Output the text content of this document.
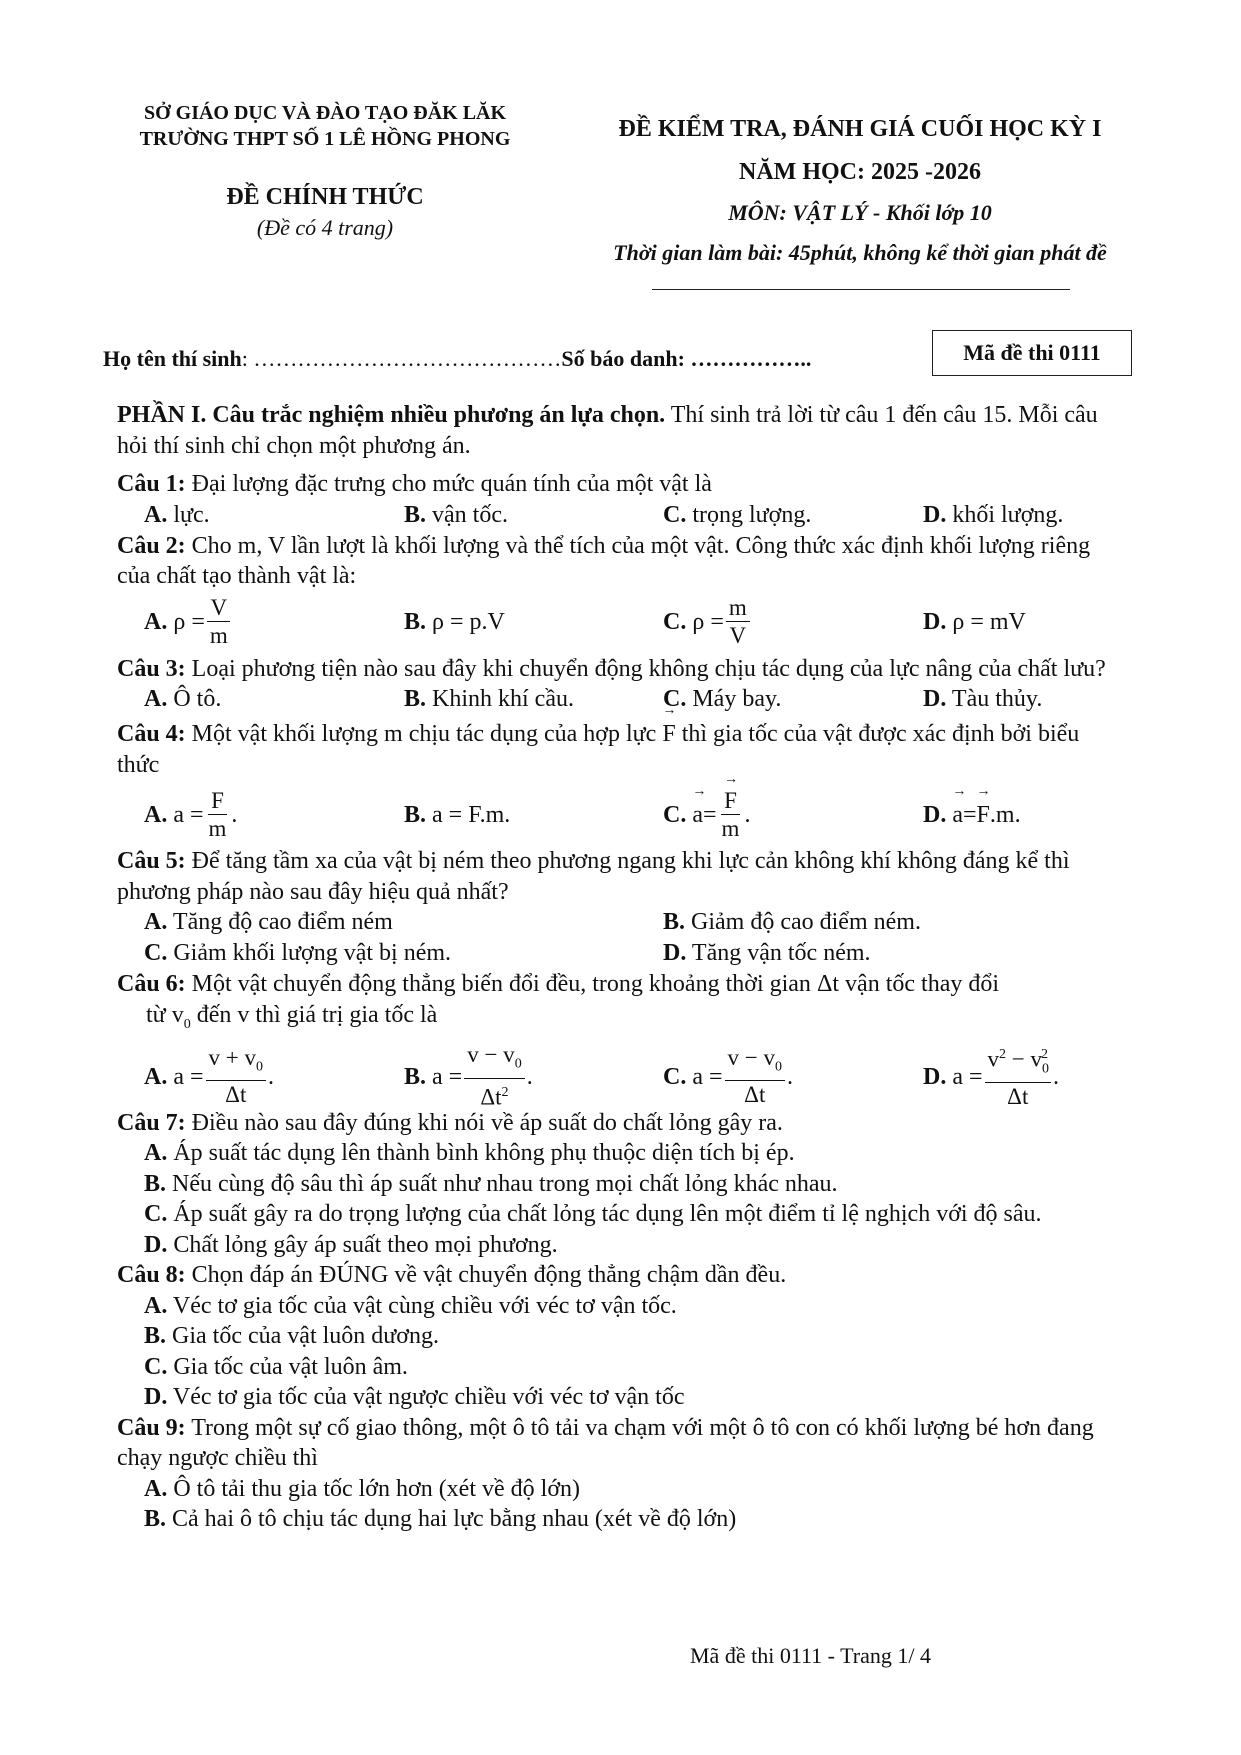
SỞ GIÁO DỤC VÀ ĐÀO TẠO ĐĂK LĂK
TRƯỜNG THPT SỐ 1 LÊ HỒNG PHONG
ĐỀ CHÍNH THỨC
(Đề có 4 trang)
ĐỀ KIỂM TRA, ĐÁNH GIÁ CUỐI HỌC KỲ I
NĂM HỌC: 2025 -2026
MÔN: VẬT LÝ - Khối lớp 10
Thời gian làm bài: 45phút, không kể thời gian phát đề
Họ tên thí sinh: ……………………………………Số báo danh: ……………..	Mã đề thi 0111

PHẦN I. Câu trắc nghiệm nhiều phương án lựa chọn. Thí sinh trả lời từ câu 1 đến câu 15. Mỗi câu hỏi thí sinh chỉ chọn một phương án.

Câu 1: Đại lượng đặc trưng cho mức quán tính của một vật là

A. lực.	B. vận tốc.	C. trọng lượng.	D. khối lượng.

Câu 2: Cho m, V lần lượt là khối lượng và thể tích của một vật. Công thức xác định khối lượng riêng của chất tạo thành vật là:

A.
$\rho = \frac{V}{m}$	B.
ρ = p.V	C.
$\rho = \frac{m}{V}$	D.
ρ = mV

Câu 3: Loại phương tiện nào sau đây khi chuyển động không chịu tác dụng của lực nâng của chất lưu?

A. Ô tô.	B. Khinh khí cầu.	C. Máy bay.	D. Tàu thủy.

Câu 4: Một vật khối lượng m chịu tác dụng của hợp lực → F thì gia tốc của vật được xác định bởi biểu thức

A.
$a = \frac{F}{m}$ .	B.
a = F.m.	C.
→ a = → $\frac{F}{m}$ .	D.
→ a = → F .m.

Câu 5: Để tăng tầm xa của vật bị ném theo phương ngang khi lực cản không khí không đáng kể thì phương pháp nào sau đây hiệu quả nhất?

A. Tăng độ cao điểm ném	B. Giảm độ cao điểm ném.
C. Giảm khối lượng vật bị ném.	D. Tăng vận tốc ném.

Câu 6: Một vật chuyển động thẳng biến đổi đều, trong khoảng thời gian Δt vận tốc thay đổi

từ $v_0$ đến v thì giá trị gia tốc là

A.
$a = \frac{v + v_0}{\Delta t}$ .	B.
$a = \frac{v - v_0}{\Delta t^2}$ .	C.
$a = \frac{v - v_0}{\Delta t}$ .	D.
$a = \frac{v^2 - v_0^2}{\Delta t}$ .

Câu 7: Điều nào sau đây đúng khi nói về áp suất do chất lỏng gây ra.

A. Áp suất tác dụng lên thành bình không phụ thuộc diện tích bị ép.

B. Nếu cùng độ sâu thì áp suất như nhau trong mọi chất lỏng khác nhau.

C. Áp suất gây ra do trọng lượng của chất lỏng tác dụng lên một điểm tỉ lệ nghịch với độ sâu.

D. Chất lỏng gây áp suất theo mọi phương.

Câu 8: Chọn đáp án ĐÚNG về vật chuyển động thẳng chậm dần đều.

A. Véc tơ gia tốc của vật cùng chiều với véc tơ vận tốc.

B. Gia tốc của vật luôn dương.

C. Gia tốc của vật luôn âm.

D. Véc tơ gia tốc của vật ngược chiều với véc tơ vận tốc

Câu 9: Trong một sự cố giao thông, một ô tô tải va chạm với một ô tô con có khối lượng bé hơn đang chạy ngược chiều thì

A. Ô tô tải thu gia tốc lớn hơn (xét về độ lớn)

B. Cả hai ô tô chịu tác dụng hai lực bằng nhau (xét về độ lớn)

Mã đề thi 0111 - Trang 1/ 4
